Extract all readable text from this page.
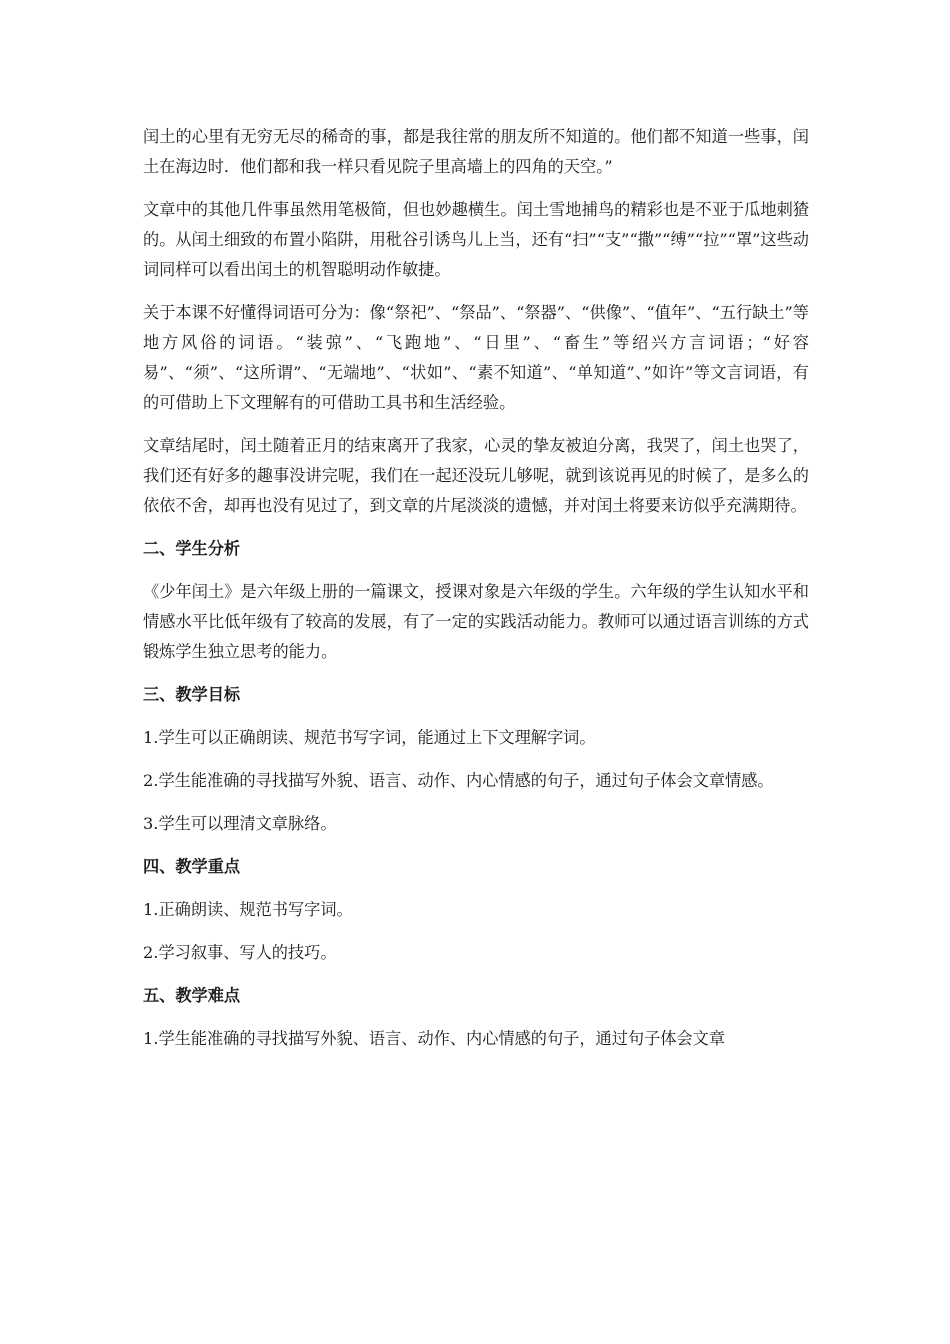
闰土的心里有无穷无尽的稀奇的事，都是我往常的朋友所不知道的。他们都不知道一些事，闰土在海边时．他们都和我一样只看见院子里高墙上的四角的天空。”

文章中的其他几件事虽然用笔极简，但也妙趣横生。闰土雪地捕鸟的精彩也是不亚于瓜地刺猹的。从闰土细致的布置小陷阱，用秕谷引诱鸟儿上当，还有“扫”“支”“撒”“缚”“拉”“罩”这些动词同样可以看出闰土的机智聪明动作敏捷。

关于本课不好懂得词语可分为：像“祭祀”、“祭品”、“祭器”、“供像”、“值年”、“五行缺土”等地方风俗的词语。“装弶”、“飞跑地”、“日里”、“畜生”等绍兴方言词语；“好容易”、“须”、“这所谓”、“无端地”、“状如”、“素不知道”、“单知道”、”如许”等文言词语，有的可借助上下文理解有的可借助工具书和生活经验。

文章结尾时，闰土随着正月的结束离开了我家，心灵的挚友被迫分离，我哭了，闰土也哭了，我们还有好多的趣事没讲完呢，我们在一起还没玩儿够呢，就到该说再见的时候了，是多么的依依不舍，却再也没有见过了，到文章的片尾淡淡的遗憾，并对闰土将要来访似乎充满期待。

二、学生分析

《少年闰土》是六年级上册的一篇课文，授课对象是六年级的学生。六年级的学生认知水平和情感水平比低年级有了较高的发展，有了一定的实践活动能力。教师可以通过语言训练的方式锻炼学生独立思考的能力。

三、教学目标

1.学生可以正确朗读、规范书写字词，能通过上下文理解字词。

2.学生能准确的寻找描写外貌、语言、动作、内心情感的句子，通过句子体会文章情感。

3.学生可以理清文章脉络。

四、教学重点

1.正确朗读、规范书写字词。

2.学习叙事、写人的技巧。

五、教学难点

1.学生能准确的寻找描写外貌、语言、动作、内心情感的句子，通过句子体会文章
